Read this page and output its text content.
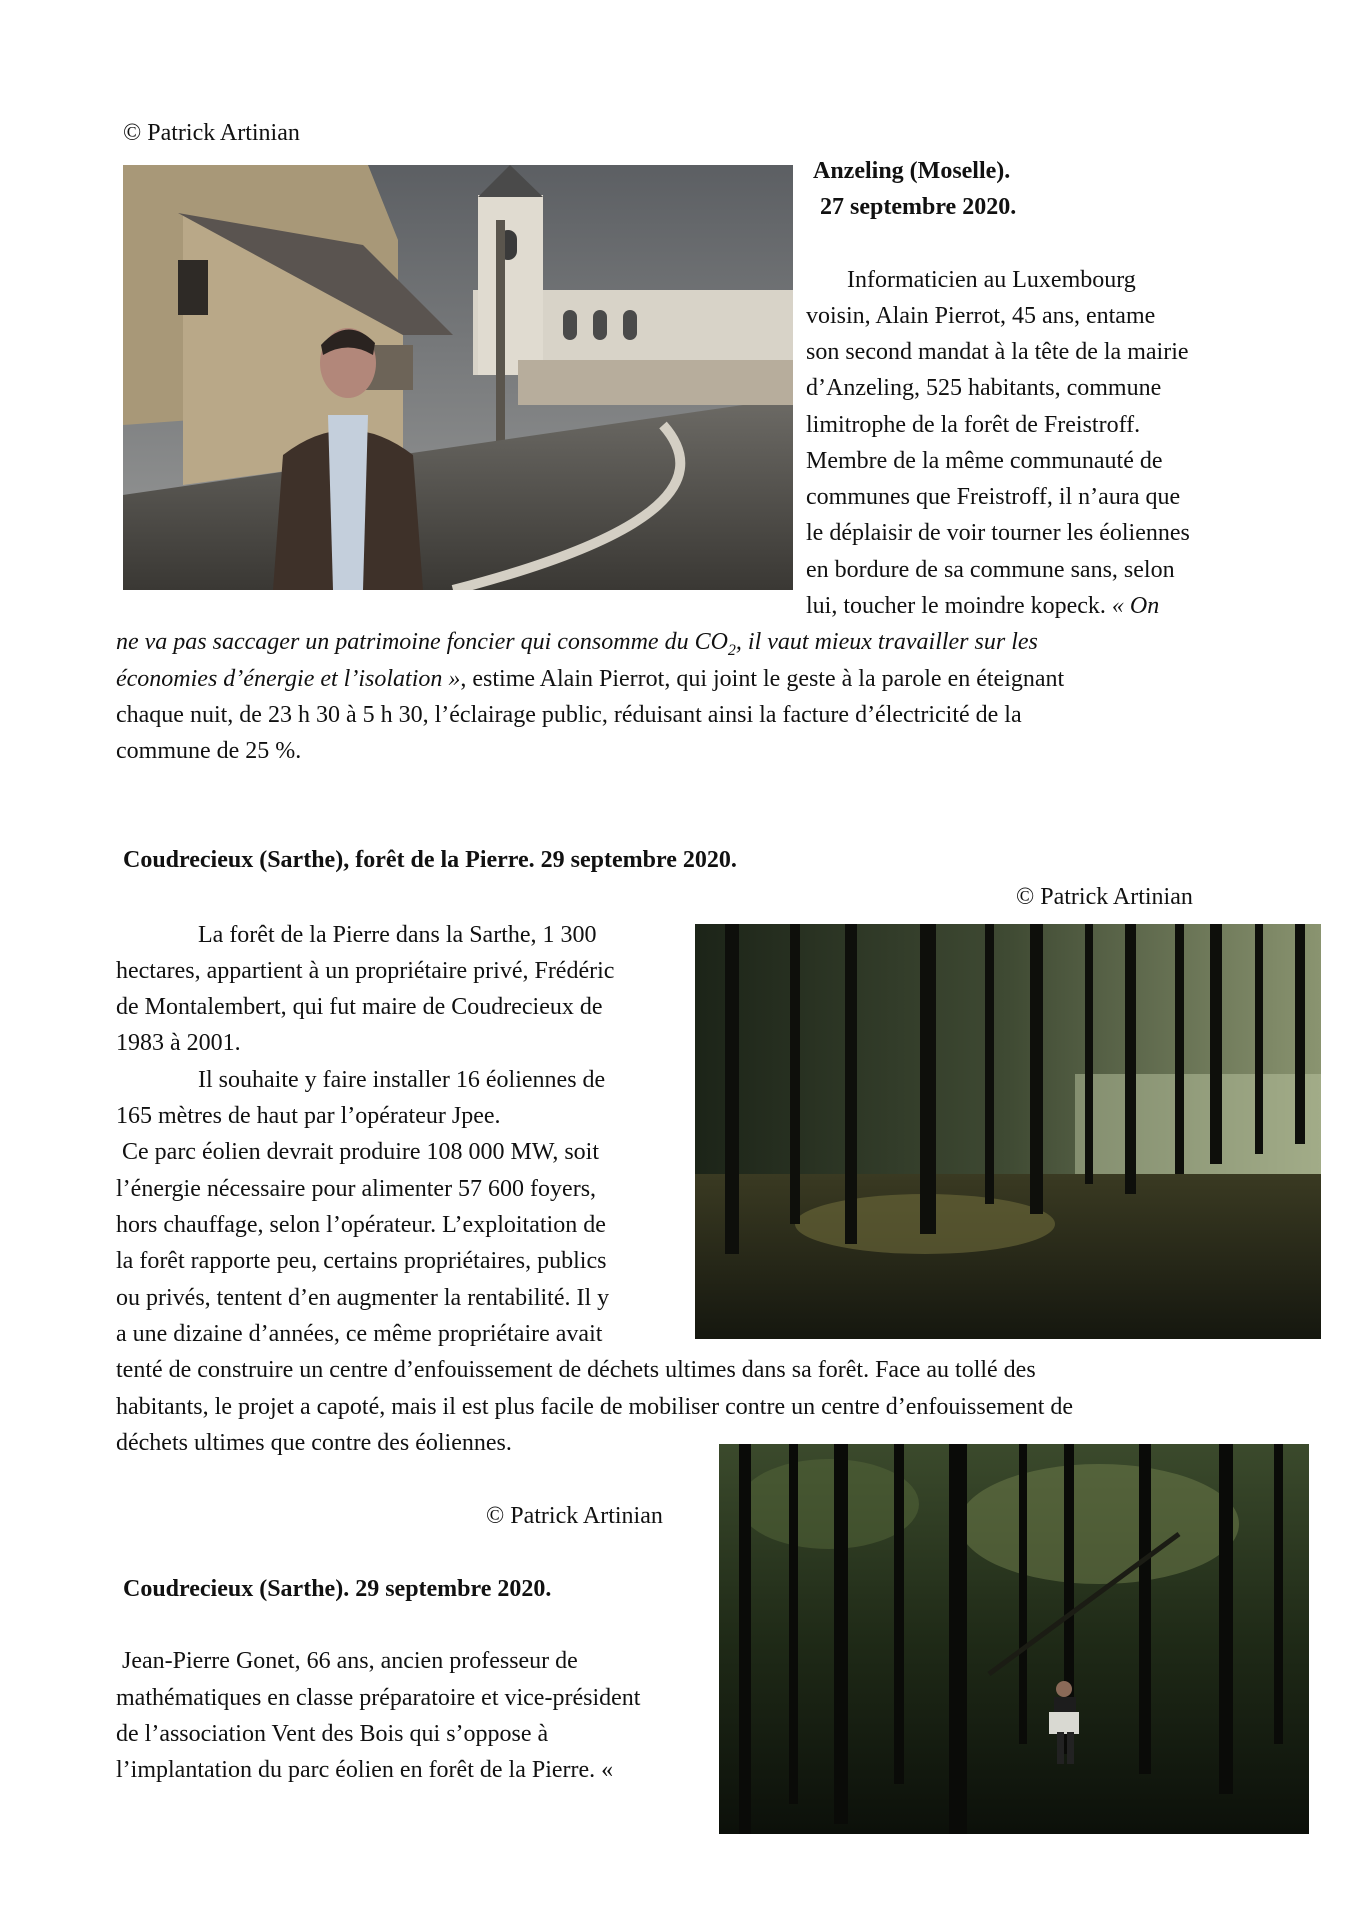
© Patrick Artinian
Anzeling (Moselle).
27 septembre 2020.
Informaticien au Luxembourg
voisin, Alain Pierrot, 45 ans, entame
son second mandat à la tête de la mairie
d’Anzeling, 525 habitants, commune
limitrophe de la forêt de Freistroff.
Membre de la même communauté de
communes que Freistroff, il n’aura que
le déplaisir de voir tourner les éoliennes
en bordure de sa commune sans, selon
lui, toucher le moindre kopeck. « On
ne va pas saccager un patrimoine foncier qui consomme du $CO_2$, il vaut mieux travailler sur les
économies d’énergie et l’isolation », estime Alain Pierrot, qui joint le geste à la parole en éteignant
chaque nuit, de 23 h 30 à 5 h 30, l’éclairage public, réduisant ainsi la facture d’électricité de la
commune de 25 %.
Coudrecieux (Sarthe), forêt de la Pierre. 29 septembre 2020.
© Patrick Artinian
La forêt de la Pierre dans la Sarthe, 1 300
hectares, appartient à un propriétaire privé, Frédéric
de Montalembert, qui fut maire de Coudrecieux de
1983 à 2001.
Il souhaite y faire installer 16 éoliennes de
165 mètres de haut par l’opérateur Jpee.
Ce parc éolien devrait produire 108 000 MW, soit
l’énergie nécessaire pour alimenter 57 600 foyers,
hors chauffage, selon l’opérateur. L’exploitation de
la forêt rapporte peu, certains propriétaires, publics
ou privés, tentent d’en augmenter la rentabilité. Il y
a une dizaine d’années, ce même propriétaire avait
tenté de construire un centre d’enfouissement de déchets ultimes dans sa forêt. Face au tollé des
habitants, le projet a capoté, mais il est plus facile de mobiliser contre un centre d’enfouissement de
déchets ultimes que contre des éoliennes.
© Patrick Artinian
Coudrecieux (Sarthe). 29 septembre 2020.
Jean-Pierre Gonet, 66 ans, ancien professeur de
mathématiques en classe préparatoire et vice-président
de l’association Vent des Bois qui s’oppose à
l’implantation du parc éolien en forêt de la Pierre. «
